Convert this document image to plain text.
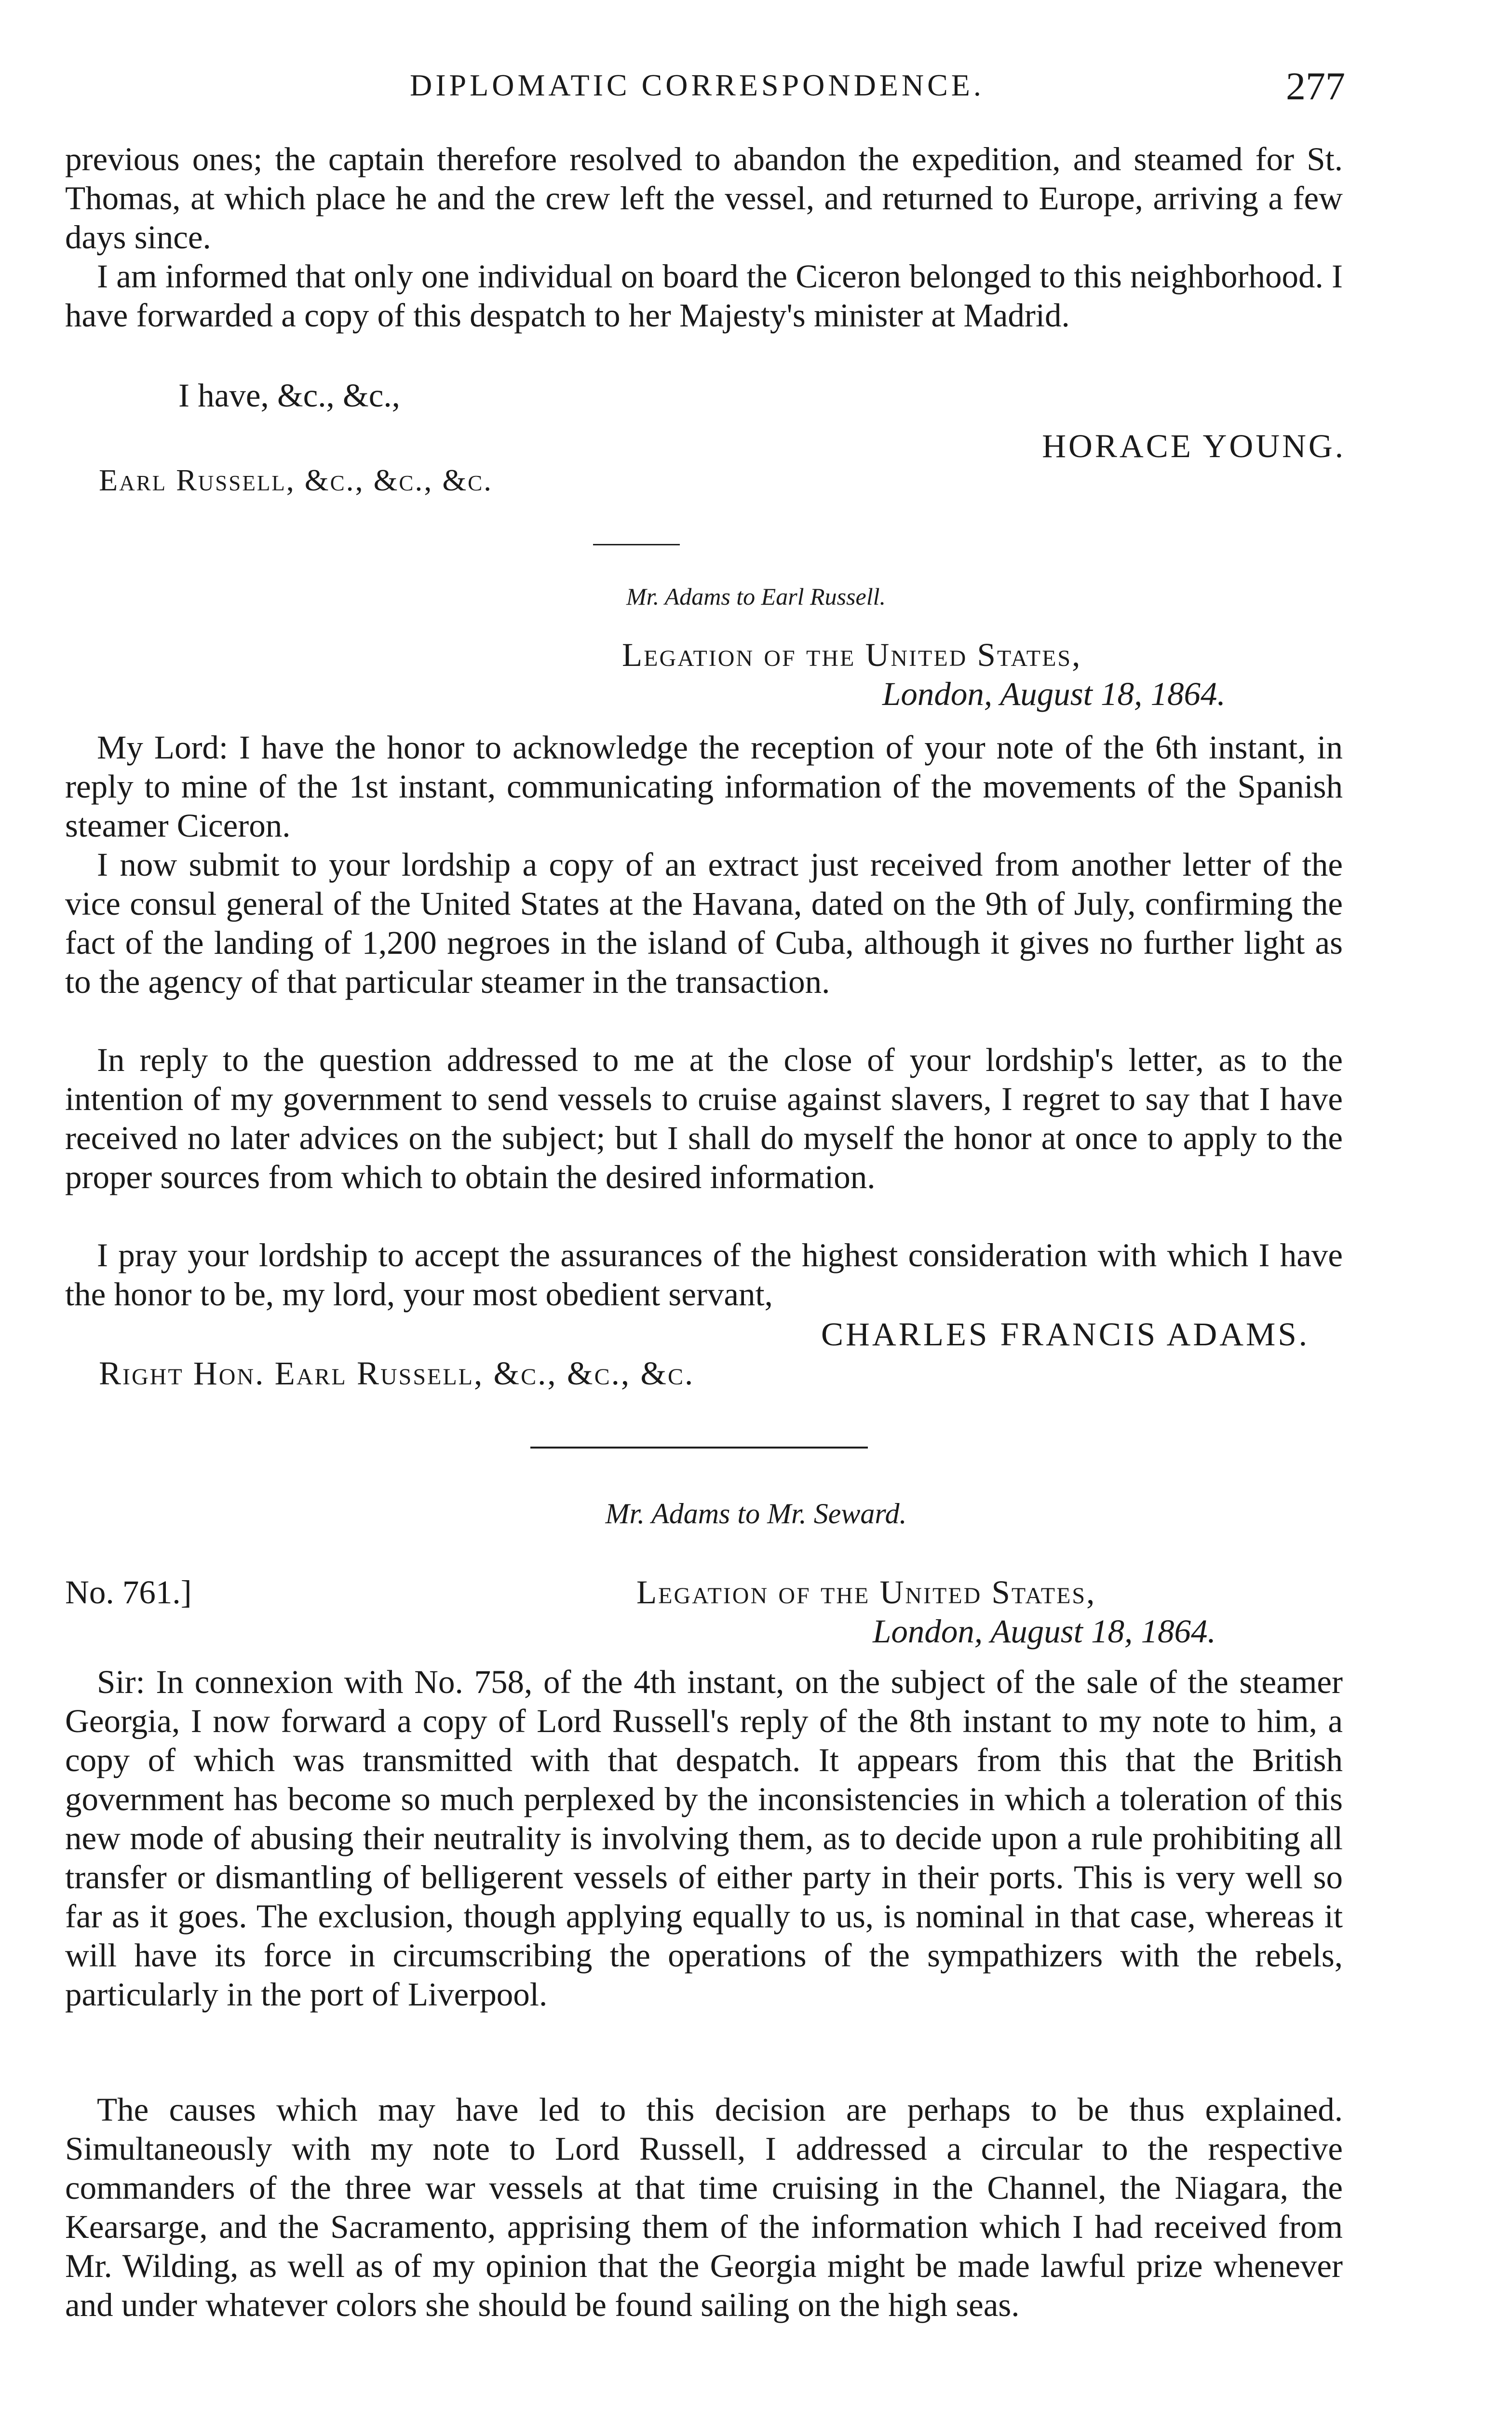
DIPLOMATIC CORRESPONDENCE.	277

previous ones; the captain therefore resolved to abandon the expedition, and steamed for St. Thomas, at which place he and the crew left the vessel, and returned to Europe, arriving a few days since.

I am informed that only one individual on board the Ciceron belonged to this neighborhood. I have forwarded a copy of this despatch to her Majesty's minister at Madrid.

I have, &c., &c.,
HORACE YOUNG.
Earl Russell, &c., &c., &c.
Mr. Adams to Earl Russell.
Legation of the United States,
London, August 18, 1864.

My Lord: I have the honor to acknowledge the reception of your note of the 6th instant, in reply to mine of the 1st instant, communicating information of the movements of the Spanish steamer Ciceron.

I now submit to your lordship a copy of an extract just received from another letter of the vice consul general of the United States at the Havana, dated on the 9th of July, confirming the fact of the landing of 1,200 negroes in the island of Cuba, although it gives no further light as to the agency of that particular steamer in the transaction.

In reply to the question addressed to me at the close of your lordship's letter, as to the intention of my government to send vessels to cruise against slavers, I regret to say that I have received no later advices on the subject; but I shall do myself the honor at once to apply to the proper sources from which to obtain the desired information.

I pray your lordship to accept the assurances of the highest consideration with which I have the honor to be, my lord, your most obedient servant,

CHARLES FRANCIS ADAMS.
Right Hon. Earl Russell, &c., &c., &c.
Mr. Adams to Mr. Seward.
No. 761.]	Legation of the United States,
London, August 18, 1864.

Sir: In connexion with No. 758, of the 4th instant, on the subject of the sale of the steamer Georgia, I now forward a copy of Lord Russell's reply of the 8th instant to my note to him, a copy of which was transmitted with that despatch. It appears from this that the British government has become so much perplexed by the inconsistencies in which a toleration of this new mode of abusing their neutrality is involving them, as to decide upon a rule prohibiting all transfer or dismantling of belligerent vessels of either party in their ports. This is very well so far as it goes. The exclusion, though applying equally to us, is nominal in that case, whereas it will have its force in circumscribing the operations of the sympathizers with the rebels, particularly in the port of Liverpool.

The causes which may have led to this decision are perhaps to be thus explained. Simultaneously with my note to Lord Russell, I addressed a circular to the respective commanders of the three war vessels at that time cruising in the Channel, the Niagara, the Kearsarge, and the Sacramento, apprising them of the information which I had received from Mr. Wilding, as well as of my opinion that the Georgia might be made lawful prize whenever and under whatever colors she should be found sailing on the high seas.
